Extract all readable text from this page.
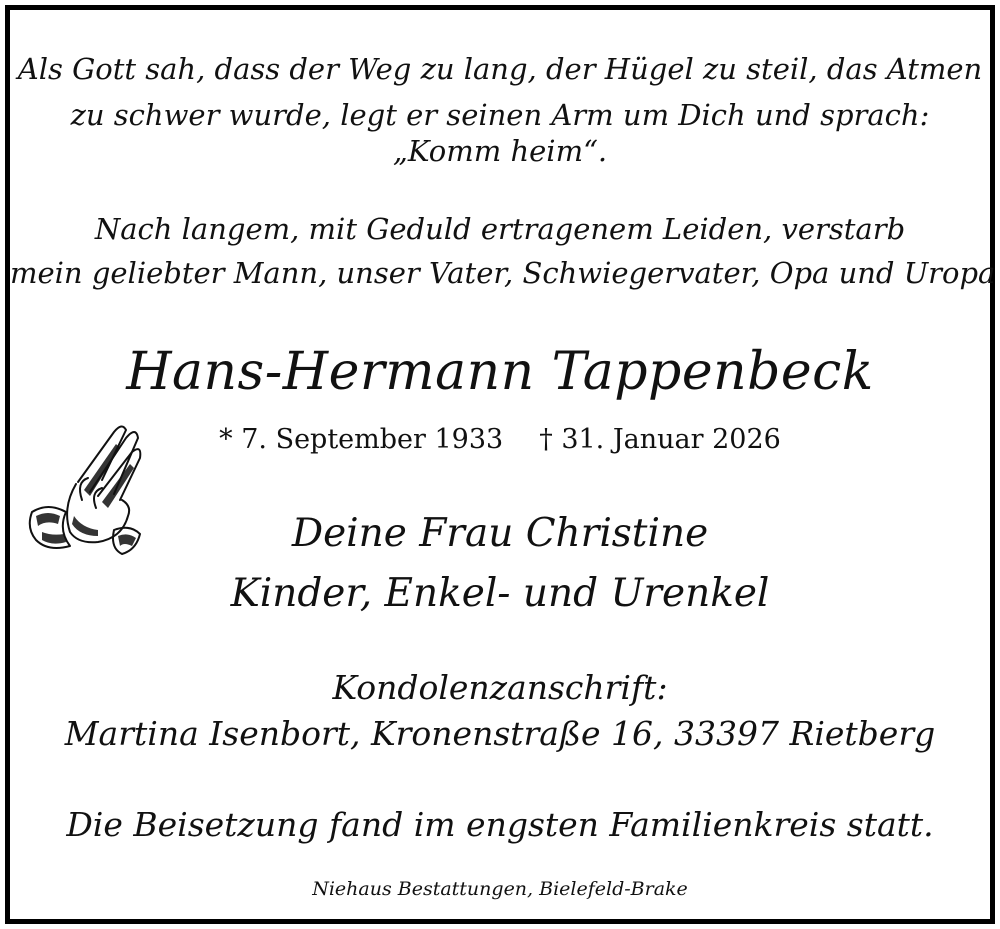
Als Gott sah, dass der Weg zu lang, der Hügel zu steil, das Atmen
zu schwer wurde, legt er seinen Arm um Dich und sprach:
„Komm heim“.
Nach langem, mit Geduld ertragenem Leiden, verstarb
mein geliebter Mann, unser Vater, Schwiegervater, Opa und Uropa
Hans-Hermann Tappenbeck
* 7. September 1933 † 31. Januar 2026
Deine Frau Christine
Kinder, Enkel- und Urenkel
Kondolenzanschrift:
Martina Isenbort, Kronenstraße 16, 33397 Rietberg
Die Beisetzung fand im engsten Familienkreis statt.
Niehaus Bestattungen, Bielefeld-Brake
